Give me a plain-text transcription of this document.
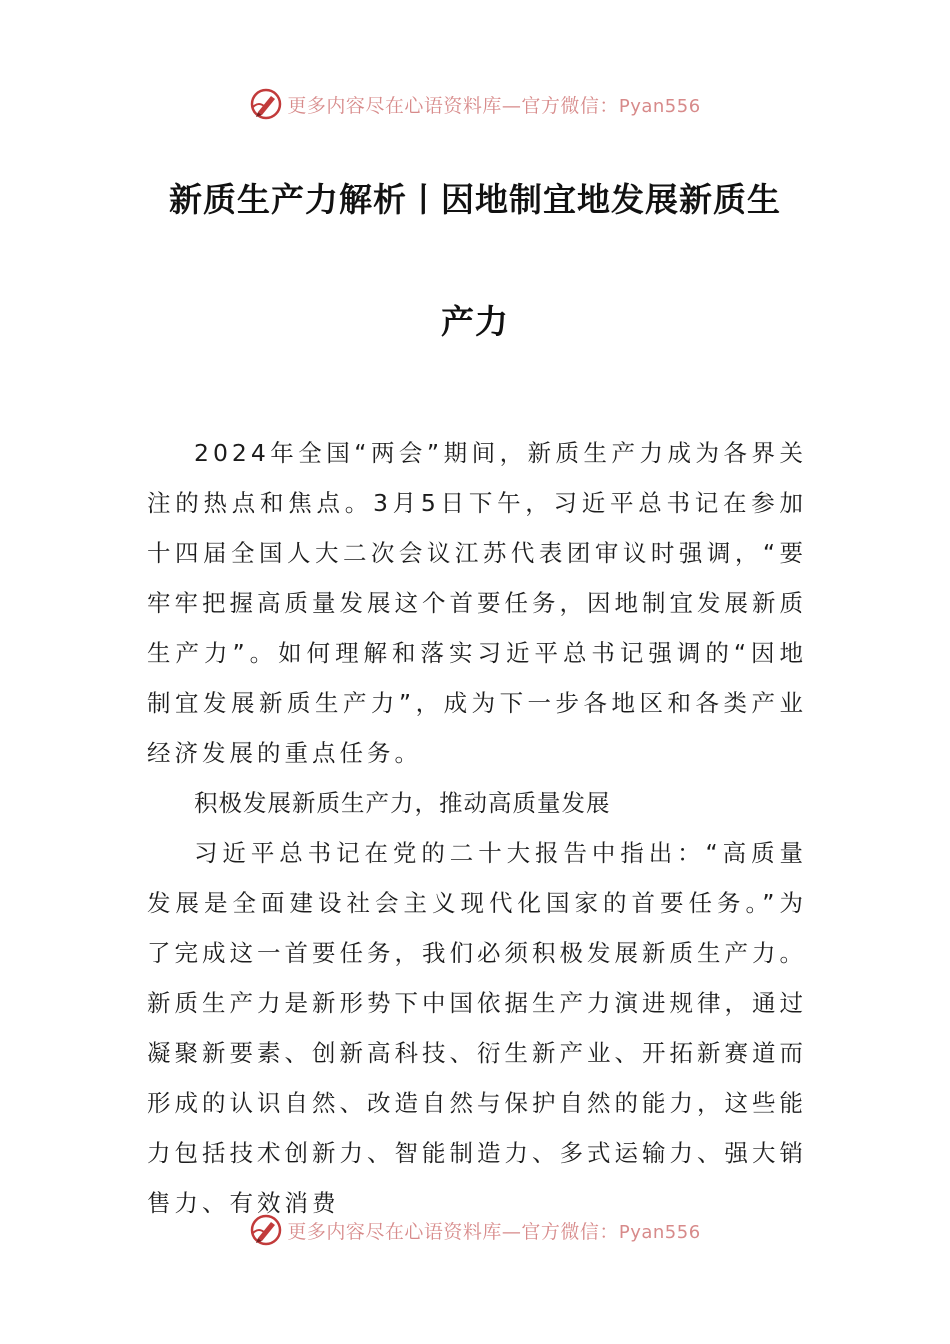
更多内容尽在心语资料库—官方微信：Pyan556
新质生产力解析丨因地制宜地发展新质生
产力

2024年全国“两会”期间，新质生产力成为各界关注的热点和焦点。3月5日下午，习近平总书记在参加十四届全国人大二次会议江苏代表团审议时强调，“要牢牢把握高质量发展这个首要任务，因地制宜发展新质生产力”。如何理解和落实习近平总书记强调的“因地制宜发展新质生产力”，成为下一步各地区和各类产业经济发展的重点任务。

积极发展新质生产力，推动高质量发展

习近平总书记在党的二十大报告中指出：“高质量发展是全面建设社会主义现代化国家的首要任务。”为了完成这一首要任务，我们必须积极发展新质生产力。新质生产力是新形势下中国依据生产力演进规律，通过凝聚新要素、创新高科技、衍生新产业、开拓新赛道而形成的认识自然、改造自然与保护自然的能力，这些能力包括技术创新力、智能制造力、多式运输力、强大销售力、有效消费

更多内容尽在心语资料库—官方微信：Pyan556
